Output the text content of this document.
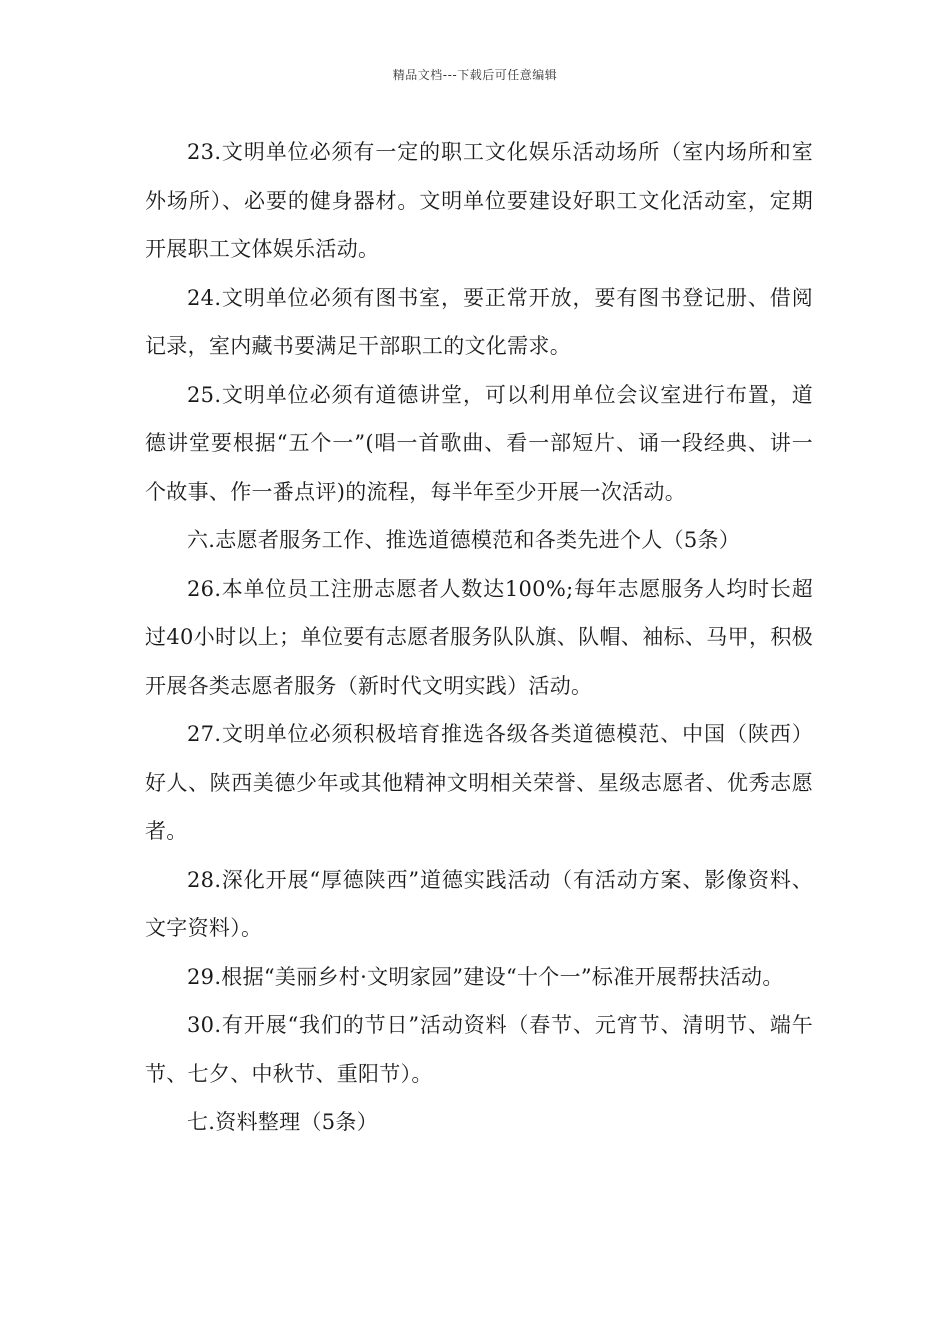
精品文档---下载后可任意编辑

23.文明单位必须有一定的职工文化娱乐活动场所（室内场所和室外场所）、必要的健身器材。文明单位要建设好职工文化活动室，定期开展职工文体娱乐活动。

24.文明单位必须有图书室，要正常开放，要有图书登记册、借阅记录，室内藏书要满足干部职工的文化需求。

25.文明单位必须有道德讲堂，可以利用单位会议室进行布置，道德讲堂要根据“五个一”(唱一首歌曲、看一部短片、诵一段经典、讲一个故事、作一番点评)的流程，每半年至少开展一次活动。

六.志愿者服务工作、推选道德模范和各类先进个人（5条）

26.本单位员工注册志愿者人数达100%;每年志愿服务人均时长超过40小时以上；单位要有志愿者服务队队旗、队帽、袖标、马甲，积极开展各类志愿者服务（新时代文明实践）活动。

27.文明单位必须积极培育推选各级各类道德模范、中国（陕西）好人、陕西美德少年或其他精神文明相关荣誉、星级志愿者、优秀志愿者。

28.深化开展“厚德陕西”道德实践活动（有活动方案、影像资料、文字资料）。

29.根据“美丽乡村·文明家园”建设“十个一”标准开展帮扶活动。

30.有开展“我们的节日”活动资料（春节、元宵节、清明节、端午节、七夕、中秋节、重阳节）。

七.资料整理（5条）
